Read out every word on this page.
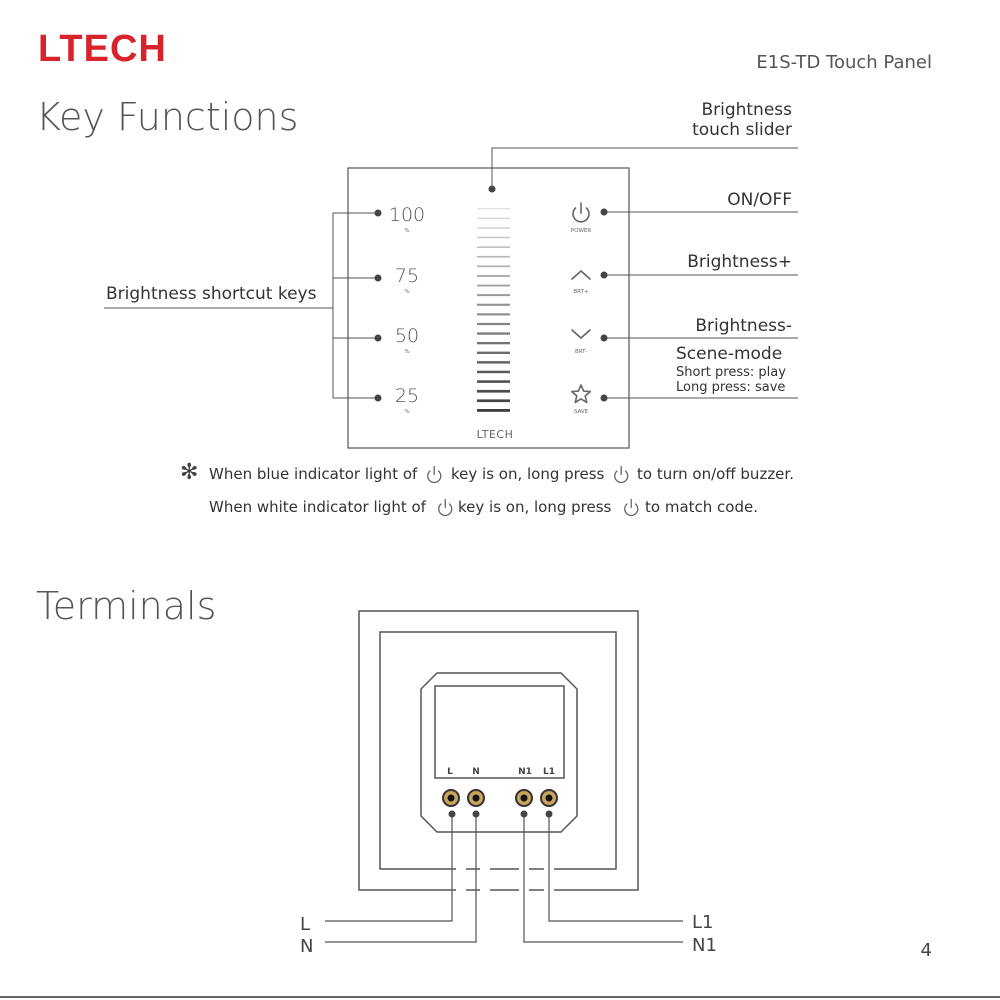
LTECH	E1S-TD Touch Panel
Key Functions
POWER
BRT+
BRT-
SAVE
100
75
50
25
%
%
%
%
LTECH
Brightness shortcut keys
Brightness
touch slider
ON/OFF
Brightness+
Brightness-
Scene-mode
Short press: play
Long press: save
✻ When blue indicator light of key is on, long press to turn on/off buzzer.
When white indicator light of key is on, long press to match code.
Terminals
L N	N1 L1
L
N
L1
N1	4
